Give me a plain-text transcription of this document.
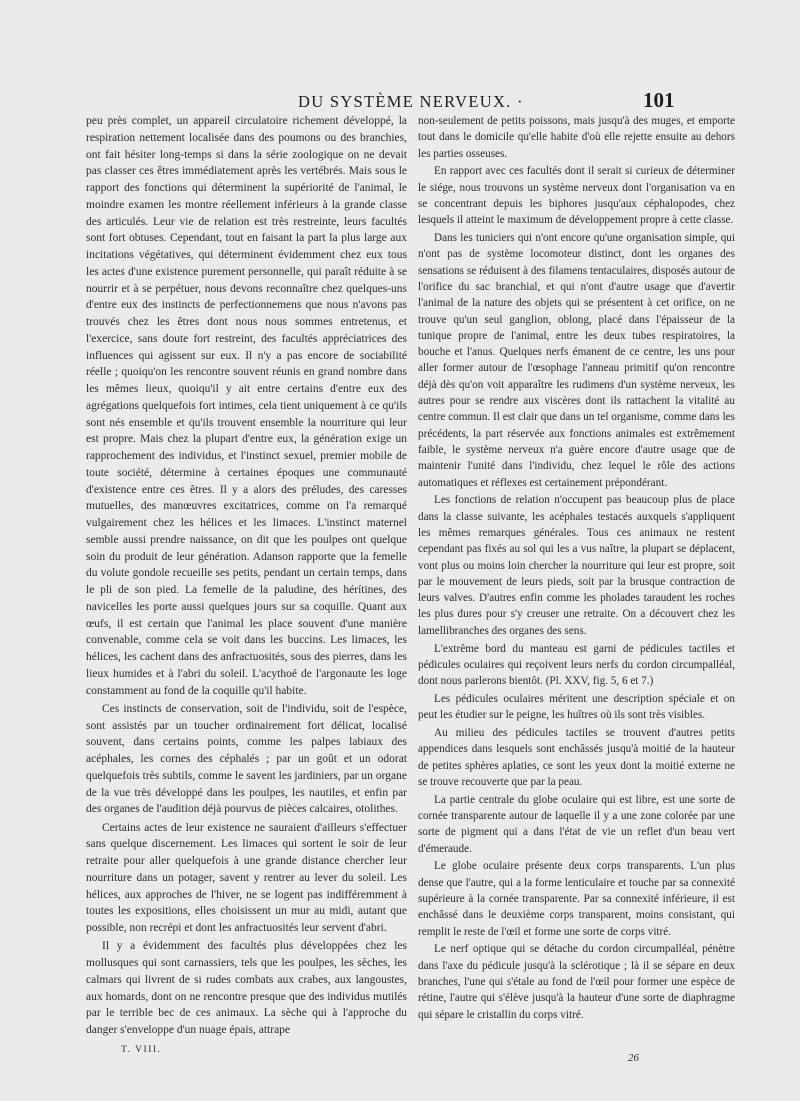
DU SYSTÈME NERVEUX. ·	101

peu près complet, un appareil circulatoire richement développé, la respiration nettement localisée dans des poumons ou des branchies, ont fait hésiter long-temps si dans la série zoologique on ne devait pas classer ces êtres immédiatement après les vertébrés. Mais sous le rapport des fonctions qui déterminent la supériorité de l'animal, le moindre examen les montre réellement inférieurs à la grande classe des articulés. Leur vie de relation est très restreinte, leurs facultés sont fort obtuses. Cependant, tout en faisant la part la plus large aux incitations végétatives, qui déterminent évidemment chez eux tous les actes d'une existence purement personnelle, qui paraît réduite à se nourrir et à se perpétuer, nous devons reconnaître chez quelques-uns d'entre eux des instincts de perfectionnemens que nous n'avons pas trouvés chez les êtres dont nous nous sommes entretenus, et l'exercice, sans doute fort restreint, des facultés appréciatrices des influences qui agissent sur eux. Il n'y a pas encore de sociabilité réelle ; quoiqu'on les rencontre souvent réunis en grand nombre dans les mêmes lieux, quoiqu'il y ait entre certains d'entre eux des agrégations quelquefois fort intimes, cela tient uniquement à ce qu'ils sont nés ensemble et qu'ils trouvent ensemble la nourriture qui leur est propre. Mais chez la plupart d'entre eux, la génération exige un rapprochement des individus, et l'instinct sexuel, premier mobile de toute société, détermine à certaines époques une communauté d'existence entre ces êtres. Il y a alors des préludes, des caresses mutuelles, des manœuvres excitatrices, comme on l'a remarqué vulgairement chez les hélices et les limaces. L'instinct maternel semble aussi prendre naissance, on dit que les poulpes ont quelque soin du produit de leur génération. Adanson rapporte que la femelle du volute gondole recueille ses petits, pendant un certain temps, dans le pli de son pied. La femelle de la paludine, des hérítines, des navicelles les porte aussi quelques jours sur sa coquille. Quant aux œufs, il est certain que l'animal les place souvent d'une manière convenable, comme cela se voit dans les buccins. Les limaces, les hélices, les cachent dans des anfractuosités, sous des pierres, dans les lieux humides et à l'abri du soleil. L'acythoé de l'argonaute les loge constamment au fond de la coquille qu'il habite.

Ces instincts de conservation, soit de l'individu, soit de l'espèce, sont assistés par un toucher ordinairement fort délicat, localisé souvent, dans certains points, comme les palpes labiaux des acéphales, les cornes des céphalés ; par un goût et un odorat quelquefois très subtils, comme le savent les jardiniers, par un organe de la vue très développé dans les poulpes, les nautiles, et enfin par des organes de l'audition déjà pourvus de pièces calcaires, otolithes.

Certains actes de leur existence ne sauraient d'ailleurs s'effectuer sans quelque discernement. Les limaces qui sortent le soir de leur retraite pour aller quelquefois à une grande distance chercher leur nourriture dans un potager, savent y rentrer au lever du soleil. Les hélices, aux approches de l'hiver, ne se logent pas indifféremment à toutes les expositions, elles choisissent un mur au midi, autant que possible, non recrépi et dont les anfractuosités leur servent d'abri.

Il y a évidemment des facultés plus développées chez les mollusques qui sont carnassiers, tels que les poulpes, les sèches, les calmars qui livrent de si rudes combats aux crabes, aux langoustes, aux homards, dont on ne rencontre presque que des individus mutilés par le terrible bec de ces animaux. La sèche qui à l'approche du danger s'enveloppe d'un nuage épais, attrape

non-seulement de petits poissons, mais jusqu'à des muges, et emporte tout dans le domicile qu'elle habite d'où elle rejette ensuite au dehors les parties osseuses.

En rapport avec ces facultés dont il serait si curieux de déterminer le siége, nous trouvons un système nerveux dont l'organisation va en se concentrant depuis les biphores jusqu'aux céphalopodes, chez lesquels il atteint le maximum de développement propre à cette classe.

Dans les tuniciers qui n'ont encore qu'une organisation simple, qui n'ont pas de système locomoteur distinct, dont les organes des sensations se réduisent à des filamens tentaculaires, disposés autour de l'orifice du sac branchial, et qui n'ont d'autre usage que d'avertir l'animal de la nature des objets qui se présentent à cet orifice, on ne trouve qu'un seul ganglion, oblong, placé dans l'épaisseur de la tunique propre de l'animal, entre les deux tubes respiratoires, la bouche et l'anus. Quelques nerfs émanent de ce centre, les uns pour aller former autour de l'œsophage l'anneau primitif qu'on rencontre déjà dès qu'on voit apparaître les rudimens d'un système nerveux, les autres pour se rendre aux viscères dont ils rattachent la vitalité au centre commun. Il est clair que dans un tel organisme, comme dans les précédents, la part réservée aux fonctions animales est extrêmement faible, le système nerveux n'a guère encore d'autre usage que de maintenir l'unité dans l'individu, chez lequel le rôle des actions automatiques et réflexes est certainement prépondérant.

Les fonctions de relation n'occupent pas beaucoup plus de place dans la classe suivante, les acéphales testacés auxquels s'appliquent les mêmes remarques générales. Tous ces animaux ne restent cependant pas fixés au sol qui les a vus naître, la plupart se déplacent, vont plus ou moins loin chercher la nourriture qui leur est propre, soit par le mouvement de leurs pieds, soit par la brusque contraction de leurs valves. D'autres enfin comme les pholades taraudent les roches les plus dures pour s'y creuser une retraite. On a découvert chez les lamellibranches des organes des sens.

L'extrême bord du manteau est garni de pédicules tactiles et pédicules oculaires qui reçoivent leurs nerfs du cordon circumpalléal, dont nous parlerons bientôt. (Pl. XXV, fig. 5, 6 et 7.)

Les pédicules oculaires méritent une description spéciale et on peut les étudier sur le peigne, les huîtres où ils sont très visibles.

Au milieu des pédicules tactiles se trouvent d'autres petits appendices dans lesquels sont enchâssés jusqu'à moitié de la hauteur de petites sphères aplaties, ce sont les yeux dont la moitié externe ne se trouve recouverte que par la peau.

La partie centrale du globe oculaire qui est libre, est une sorte de cornée transparente autour de laquelle il y a une zone colorée par une sorte de pigment qui a dans l'état de vie un reflet d'un beau vert d'émeraude.

Le globe oculaire présente deux corps transparents. L'un plus dense que l'autre, qui a la forme lenticulaire et touche par sa connexité supérieure à la cornée transparente. Par sa connexité inférieure, il est enchâssé dans le deuxième corps transparent, moins consistant, qui remplit le reste de l'œil et forme une sorte de corps vitré.

Le nerf optique qui se détache du cordon circumpalléal, pénètre dans l'axe du pédicule jusqu'à la sclérotique ; là il se sépare en deux branches, l'une qui s'étale au fond de l'œil pour former une espèce de rétine, l'autre qui s'élève jusqu'à la hauteur d'une sorte de diaphragme qui sépare le cristallin du corps vitré.

T. VIII.
26
